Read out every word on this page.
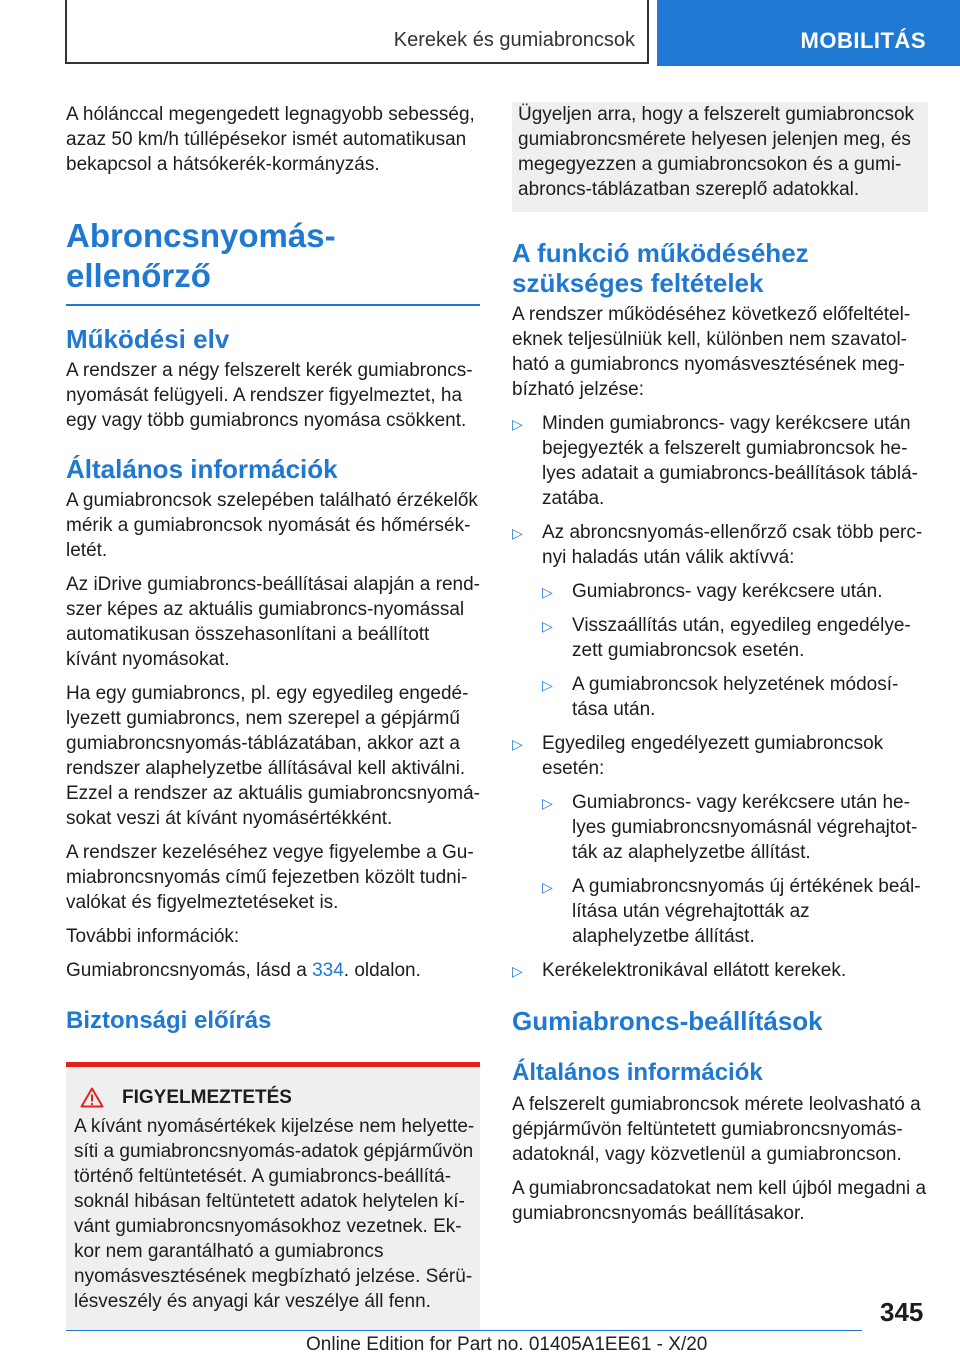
Kerekek és gumiabroncsok	MOBILITÁS

A hólánccal megengedett legnagyobb sebesség, azaz 50 km/h túllépésekor ismét automatikusan bekapcsol a hátsókerék-kormányzás.

Abroncsnyomás-ellenőrző
Működési elv

A rendszer a négy felszerelt kerék gumiabroncs-nyomását felügyeli. A rendszer figyelmeztet, ha egy vagy több gumiabroncs nyomása csökkent.

Általános információk

A gumiabroncsok szelepében található érzékelők mérik a gumiabroncsok nyomását és hőmérsék-letét.

Az iDrive gumiabroncs-beállításai alapján a rend-szer képes az aktuális gumiabroncs-nyomással automatikusan összehasonlítani a beállított kívánt nyomásokat.

Ha egy gumiabroncs, pl. egy egyedileg engedé-lyezett gumiabroncs, nem szerepel a gépjármű gumiabroncsnyomás-táblázatában, akkor azt a rendszer alaphelyzetbe állításával kell aktiválni. Ezzel a rendszer az aktuális gumiabroncsnyomá-sokat veszi át kívánt nyomásértékként.

A rendszer kezeléséhez vegye figyelembe a Gu-miabroncsnyomás című fejezetben közölt tudni-valókat és figyelmeztetéseket is.

További információk:

Gumiabroncsnyomás, lásd a 334. oldalon.

Biztonsági előírás
FIGYELMEZTETÉS

A kívánt nyomásértékek kijelzése nem helyette-síti a gumiabroncsnyomás-adatok gépjárművön történő feltüntetését. A gumiabroncs-beállítá-soknál hibásan feltüntetett adatok helytelen kí-vánt gumiabroncsnyomásokhoz vezetnek. Ek-kor nem garantálható a gumiabroncs nyomásvesztésének megbízható jelzése. Sérü-lésveszély és anyagi kár veszélye áll fenn.

Ügyeljen arra, hogy a felszerelt gumiabroncsok gumiabroncsmérete helyesen jelenjen meg, és megegyezzen a gumiabroncsokon és a gumi-abroncs-táblázatban szereplő adatokkal.

A funkció működéséhez szükséges feltételek

A rendszer működéséhez következő előfeltétel-eknek teljesülniük kell, különben nem szavatol-ható a gumiabroncs nyomásvesztésének meg-bízható jelzése:

▷ Minden gumiabroncs- vagy kerékcsere után bejegyezték a felszerelt gumiabroncsok he-lyes adatait a gumiabroncs-beállítások táblá-zatába.
▷ Az abroncsnyomás-ellenőrző csak több perc-nyi haladás után válik aktívvá:
▷ Gumiabroncs- vagy kerékcsere után.
▷ Visszaállítás után, egyedileg engedélye-zett gumiabroncsok esetén.
▷ A gumiabroncsok helyzetének módosí-tása után.
▷ Egyedileg engedélyezett gumiabroncsok esetén:
▷ Gumiabroncs- vagy kerékcsere után he-lyes gumiabroncsnyomásnál végrehajtot-ták az alaphelyzetbe állítást.
▷ A gumiabroncsnyomás új értékének beál-lítása után végrehajtották az alaphelyzetbe állítást.
▷ Kerékelektronikával ellátott kerekek.
Gumiabroncs-beállítások
Általános információk

A felszerelt gumiabroncsok mérete leolvasható a gépjárművön feltüntetett gumiabroncsnyomás-adatoknál, vagy közvetlenül a gumiabroncson.

A gumiabroncsadatokat nem kell újból megadni a gumiabroncsnyomás beállításakor.

345
Online Edition for Part no. 01405A1EE61 - X/20
